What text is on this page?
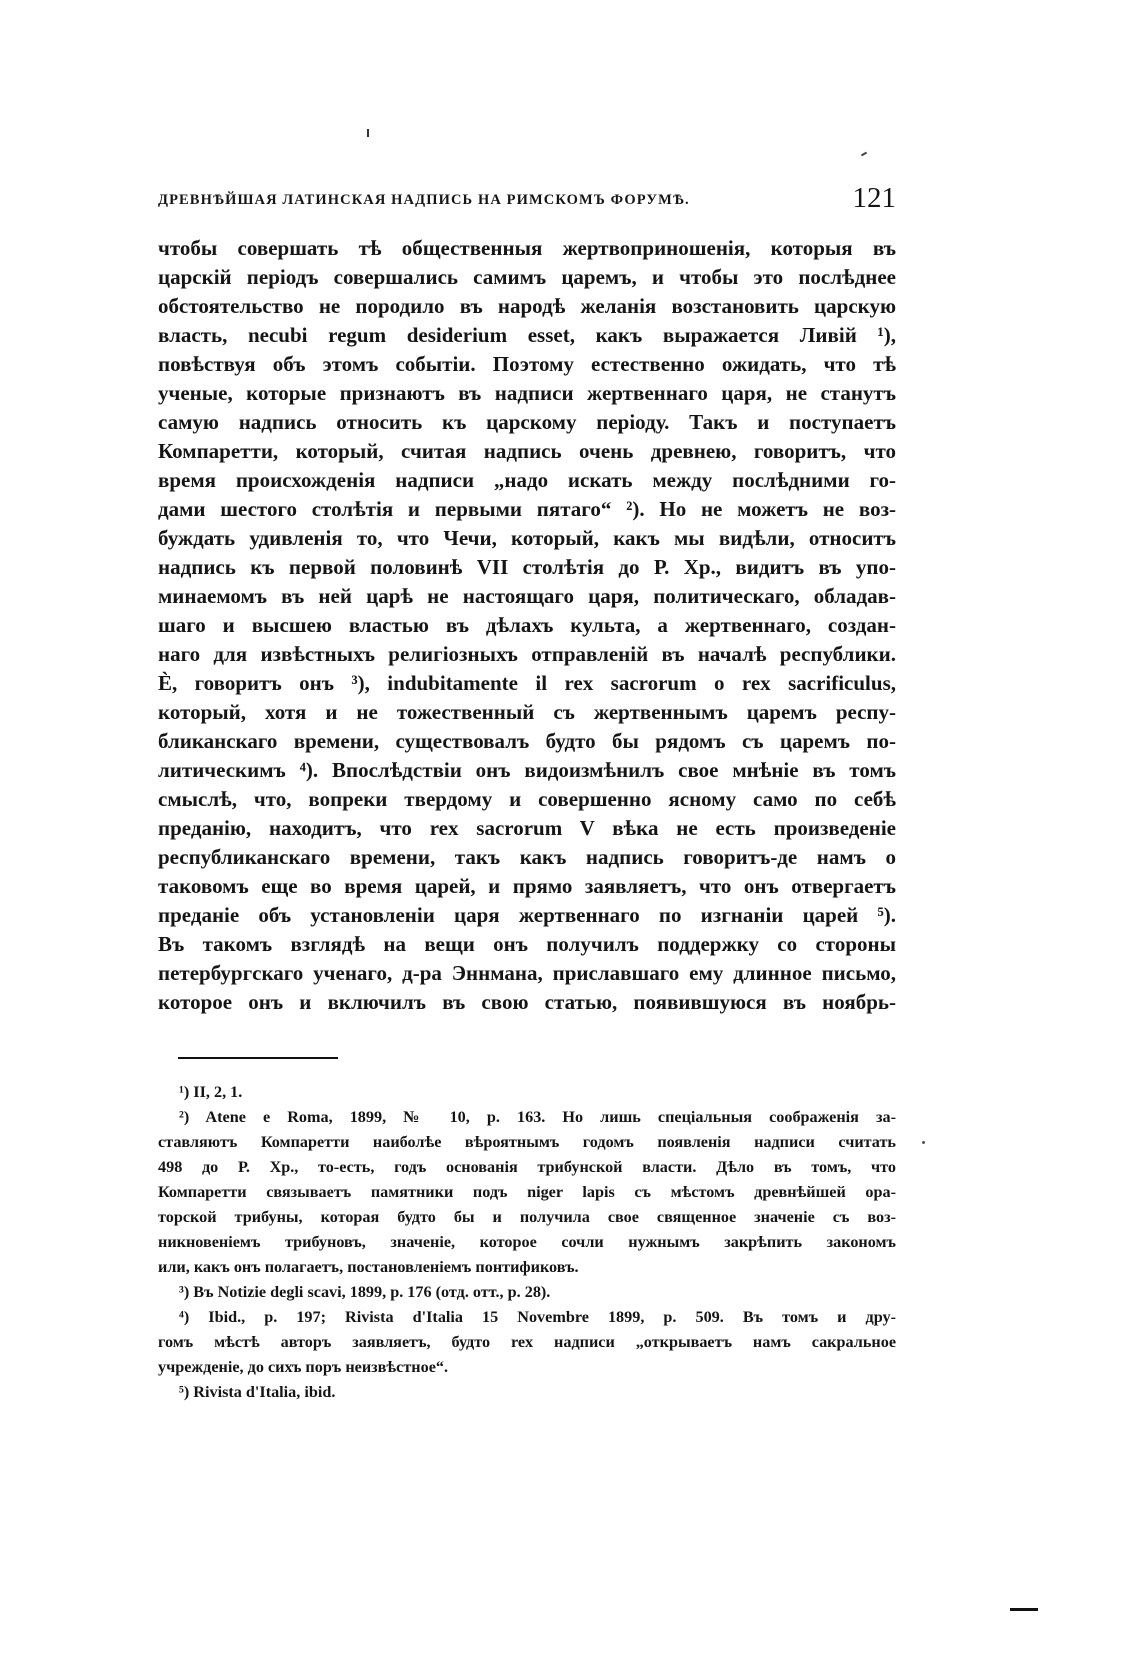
ДРЕВНѢЙШАЯ ЛАТИНСКАЯ НАДПИСЬ НА РИМСКОМЪ ФОРУМѢ.	121
чтобы совершать тѣ общественныя жертвоприношенія, которыя въ
царскій періодъ совершались самимъ царемъ, и чтобы это послѣднее
обстоятельство не породило въ народѣ желанія возстановить царскую
власть, necubi regum desiderium esset, какъ выражается Ливій ¹),
повѣствуя объ этомъ событіи. Поэтому естественно ожидать, что тѣ
ученые, которые признаютъ въ надписи жертвеннаго царя, не станутъ
самую надпись относить къ царскому періоду. Такъ и поступаетъ
Компаретти, который, считая надпись очень древнею, говоритъ, что
время происхожденія надписи „надо искать между послѣдними го-
дами шестого столѣтія и первыми пятаго“ ²). Но не можетъ не воз-
буждать удивленія то, что Чечи, который, какъ мы видѣли, относитъ
надпись къ первой половинѣ VII столѣтія до Р. Хр., видитъ въ упо-
минаемомъ въ ней царѣ не настоящаго царя, политическаго, обладав-
шаго и высшею властью въ дѣлахъ культа, а жертвеннаго, создан-
наго для извѣстныхъ религіозныхъ отправленій въ началѣ республики.
È, говоритъ онъ ³), indubitamente il rex sacrorum o rex sacrificulus,
который, хотя и не тожественный съ жертвеннымъ царемъ респу-
бликанскаго времени, существовалъ будто бы рядомъ съ царемъ по-
литическимъ ⁴). Впослѣдствіи онъ видоизмѣнилъ свое мнѣніе въ томъ
смыслѣ, что, вопреки твердому и совершенно ясному само по себѣ
преданію, находитъ, что rex sacrorum V вѣка не есть произведеніе
республиканскаго времени, такъ какъ надпись говоритъ-де намъ о
таковомъ еще во время царей, и прямо заявляетъ, что онъ отвергаетъ
преданіе объ установленіи царя жертвеннаго по изгнаніи царей ⁵).
Въ такомъ взглядѣ на вещи онъ получилъ поддержку со стороны
петербургскаго ученаго, д-ра Эннмана, приславшаго ему длинное письмо,
которое онъ и включилъ въ свою статью, появившуюся въ ноябрь-
¹) II, 2, 1.
²) Atene e Roma, 1899, № 10, p. 163. Но лишь спеціальныя соображенія за-
ставляютъ Компаретти наиболѣе вѣроятнымъ годомъ появленія надписи считать
498 до Р. Хр., то-есть, годъ основанія трибунской власти. Дѣло въ томъ, что
Компаретти связываетъ памятники подъ niger lapis съ мѣстомъ древнѣйшей ора-
торской трибуны, которая будто бы и получила свое священное значеніе съ воз-
никновеніемъ трибуновъ, значеніе, которое сочли нужнымъ закрѣпить закономъ
или, какъ онъ полагаетъ, постановленіемъ понтификовъ.
³) Въ Notizie degli scavi, 1899, p. 176 (отд. отт., p. 28).
⁴) Ibid., p. 197; Rivista d'Italia 15 Novembre 1899, p. 509. Въ томъ и дру-
гомъ мѣстѣ авторъ заявляетъ, будто rex надписи „открываетъ намъ сакральное
учрежденіе, до сихъ поръ неизвѣстное“.
⁵) Rivista d'Italia, ibid.
